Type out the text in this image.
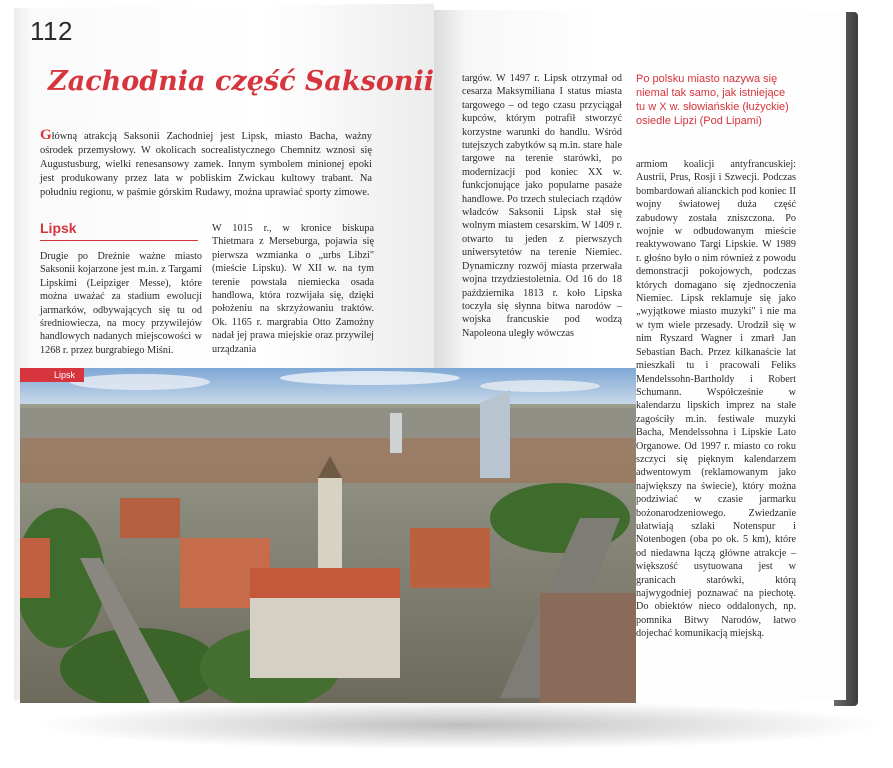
112
Zachodnia część Saksonii
Główną atrakcją Saksonii Zachodniej jest Lipsk, miasto Bacha, ważny ośrodek przemysłowy. W okolicach socrealistycznego Chemnitz wznosi się Augustusburg, wielki renesansowy zamek. Innym symbolem minionej epoki jest produkowany przez lata w pobliskim Zwickau kultowy trabant. Na południu regionu, w paśmie górskim Rudawy, można uprawiać sporty zimowe.
Lipsk
Drugie po Dreźnie ważne miasto Saksonii kojarzone jest m.in. z Targami Lipskimi (Leipziger Messe), które można uważać za stadium ewolucji jarmarków, odbywających się tu od średniowiecza, na mocy przywilejów handlowych nadanych miejscowości w 1268 r. przez burgrabiego Miśni.
W 1015 r., w kronice biskupa Thietmara z Merseburga, pojawia się pierwsza wzmianka o „urbs Libzi" (mieście Lipsku). W XII w. na tym terenie powstała niemiecka osada handlowa, która rozwijała się, dzięki położeniu na skrzyżowaniu traktów. Ok. 1165 r. margrabia Otto Zamożny nadał jej prawa miejskie oraz przywilej urządzania
targów. W 1497 r. Lipsk otrzymał od cesarza Maksymiliana I status miasta targowego – od tego czasu przyciągał kupców, którym potrafił stworzyć korzystne warunki do handlu. Wśród tutejszych zabytków są m.in. stare hale targowe na terenie starówki, po modernizacji pod koniec XX w. funkcjonujące jako popularne pasaże handlowe. Po trzech stuleciach rządów władców Saksonii Lipsk stał się wolnym miastem cesarskim. W 1409 r. otwarto tu jeden z pierwszych uniwersytetów na terenie Niemiec. Dynamiczny rozwój miasta przerwała wojna trzydziestoletnia. Od 16 do 18 października 1813 r. koło Lipska toczyła się słynna bitwa narodów – wojska francuskie pod wodzą Napoleona uległy wówczas
Po polsku miasto nazywa się niemal tak samo, jak istniejące tu w X w. słowiańskie (łużyckie) osiedle Lipzi (Pod Lipami)
armiom koalicji antyfrancuskiej: Austrii, Prus, Rosji i Szwecji. Podczas bombardowań alianckich pod koniec II wojny światowej duża część zabudowy została zniszczona. Po wojnie w odbudowanym mieście reaktywowano Targi Lipskie. W 1989 r. głośno było o nim również z powodu demonstracji pokojowych, podczas których domagano się zjednoczenia Niemiec. Lipsk reklamuje się jako „wyjątkowe miasto muzyki" i nie ma w tym wiele przesady. Urodził się w nim Ryszard Wagner i zmarł Jan Sebastian Bach. Przez kilkanaście lat mieszkali tu i pracowali Feliks Mendelssohn-Bartholdy i Robert Schumann. Współcześnie w kalendarzu lipskich imprez na stałe zagościły m.in. festiwale muzyki Bacha, Mendelssohna i Lipskie Lato Organowe. Od 1997 r. miasto co roku szczyci się pięknym kalendarzem adwentowym (reklamowanym jako największy na świecie), który można podziwiać w czasie jarmarku bożonarodzeniowego. Zwiedzanie ułatwiają szlaki Notenspur i Notenbogen (oba po ok. 5 km), które od niedawna łączą główne atrakcje – większość usytuowana jest w granicach starówki, którą najwygodniej poznawać na piechotę. Do obiektów nieco oddalonych, np. pomnika Bitwy Narodów, łatwo dojechać komunikacją miejską.
Lipsk
